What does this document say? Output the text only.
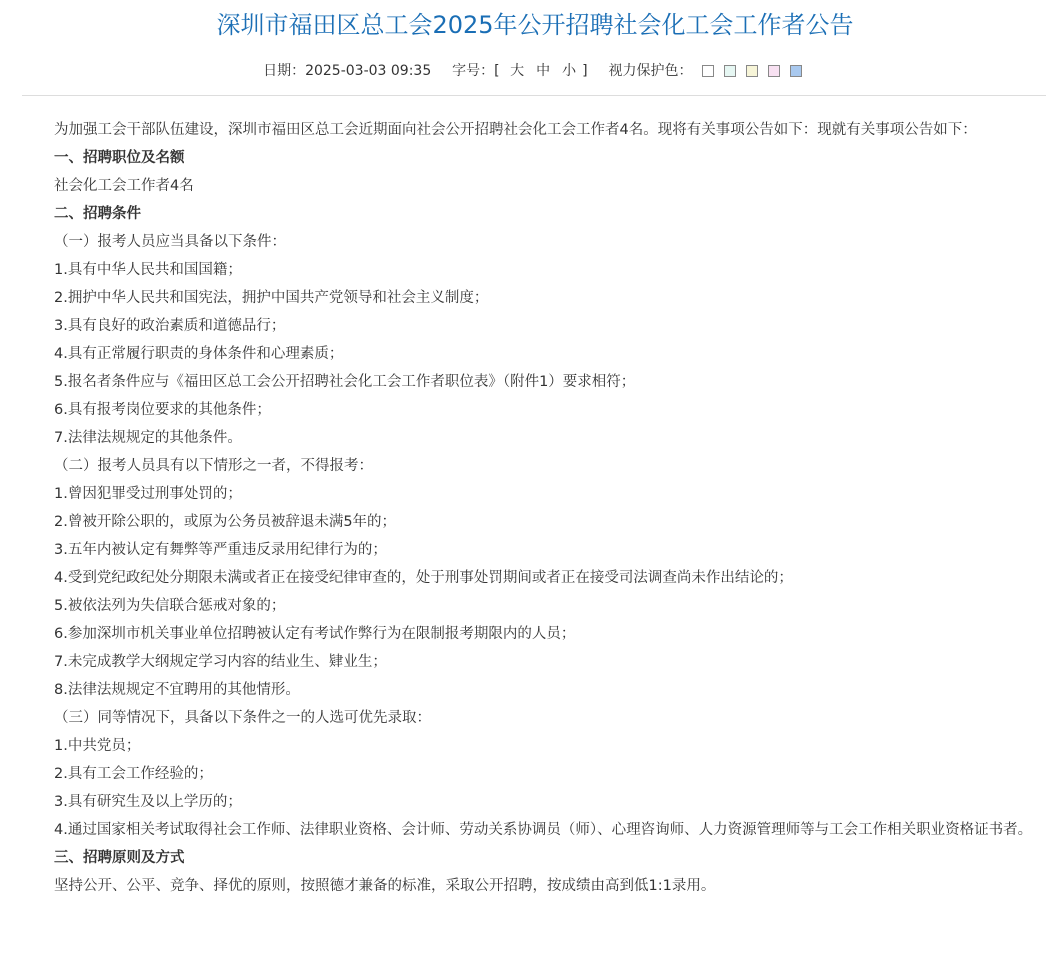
深圳市福田区总工会2025年公开招聘社会化工会工作者公告
日期：2025-03-03 09:35 字号：[ 大 中 小 ] 视力保护色：

为加强工会干部队伍建设，深圳市福田区总工会近期面向社会公开招聘社会化工会工作者4名。现将有关事项公告如下：现就有关事项公告如下：

一、招聘职位及名额

社会化工会工作者4名

二、招聘条件

（一）报考人员应当具备以下条件：

1.具有中华人民共和国国籍；

2.拥护中华人民共和国宪法，拥护中国共产党领导和社会主义制度；

3.具有良好的政治素质和道德品行；

4.具有正常履行职责的身体条件和心理素质；

5.报名者条件应与《福田区总工会公开招聘社会化工会工作者职位表》（附件1）要求相符；

6.具有报考岗位要求的其他条件；

7.法律法规规定的其他条件。

（二）报考人员具有以下情形之一者，不得报考：

1.曾因犯罪受过刑事处罚的；

2.曾被开除公职的，或原为公务员被辞退未满5年的；

3.五年内被认定有舞弊等严重违反录用纪律行为的；

4.受到党纪政纪处分期限未满或者正在接受纪律审查的，处于刑事处罚期间或者正在接受司法调查尚未作出结论的；

5.被依法列为失信联合惩戒对象的；

6.参加深圳市机关事业单位招聘被认定有考试作弊行为在限制报考期限内的人员；

7.未完成教学大纲规定学习内容的结业生、肄业生；

8.法律法规规定不宜聘用的其他情形。

（三）同等情况下，具备以下条件之一的人选可优先录取：

1.中共党员；

2.具有工会工作经验的；

3.具有研究生及以上学历的；

4.通过国家相关考试取得社会工作师、法律职业资格、会计师、劳动关系协调员（师）、心理咨询师、人力资源管理师等与工会工作相关职业资格证书者。

三、招聘原则及方式

坚持公开、公平、竞争、择优的原则，按照德才兼备的标准，采取公开招聘，按成绩由高到低1:1录用。
